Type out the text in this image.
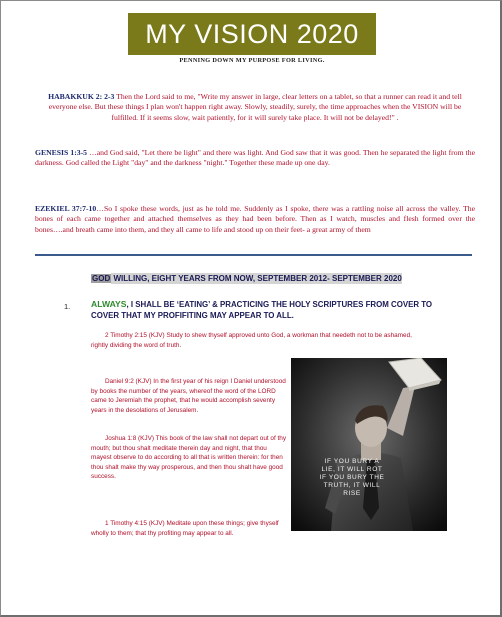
MY VISION 2020
PENNING DOWN MY PURPOSE FOR LIVING.
HABAKKUK 2: 2-3 Then the Lord said to me, "Write my answer in large, clear letters on a tablet, so that a runner can read it and tell everyone else. But these things I plan won't happen right away. Slowly, steadily, surely, the time approaches when the VISION will be fulfilled. If it seems slow, wait patiently, for it will surely take place. It will not be delayed!" .
GENESIS 1:3-5 …and God said, "Let there be light" and there was light. And God saw that it was good. Then he separated the light from the darkness. God called the Light "day" and the darkness "night." Together these made up one day.
EZEKIEL 37:7-10…So I spoke these words, just as he told me. Suddenly as I spoke, there was a rattling noise all across the valley. The bones of each came together and attached themselves as they had been before. Then as I watch, muscles and flesh formed over the bones….and breath came into them, and they all came to life and stood up on their feet- a great army of them
GOD WILLING, EIGHT YEARS FROM NOW, SEPTEMBER 2012- SEPTEMBER 2020
1. ALWAYS, I SHALL BE ‘EATING’ & PRACTICING THE HOLY SCRIPTURES FROM COVER TO COVER THAT MY PROFIFITING MAY APPEAR TO ALL.
2 Timothy 2:15 (KJV) Study to shew thyself approved unto God, a workman that needeth not to be ashamed, rightly dividing the word of truth.
Daniel 9:2 (KJV) In the first year of his reign I Daniel understood by books the number of the years, whereof the word of the LORD came to Jeremiah the prophet, that he would accomplish seventy years in the desolations of Jerusalem.
Joshua 1:8 (KJV) This book of the law shall not depart out of thy mouth; but thou shalt meditate therein day and night, that thou mayest observe to do according to all that is written therein: for then thou shalt make thy way prosperous, and then thou shalt have good success.
1 Timothy 4:15 (KJV) Meditate upon these things; give thyself wholly to them; that thy profiting may appear to all.
IF YOU BURY A
LIE, IT WILL ROT
IF YOU BURY THE
TRUTH, IT WILL
RISE
